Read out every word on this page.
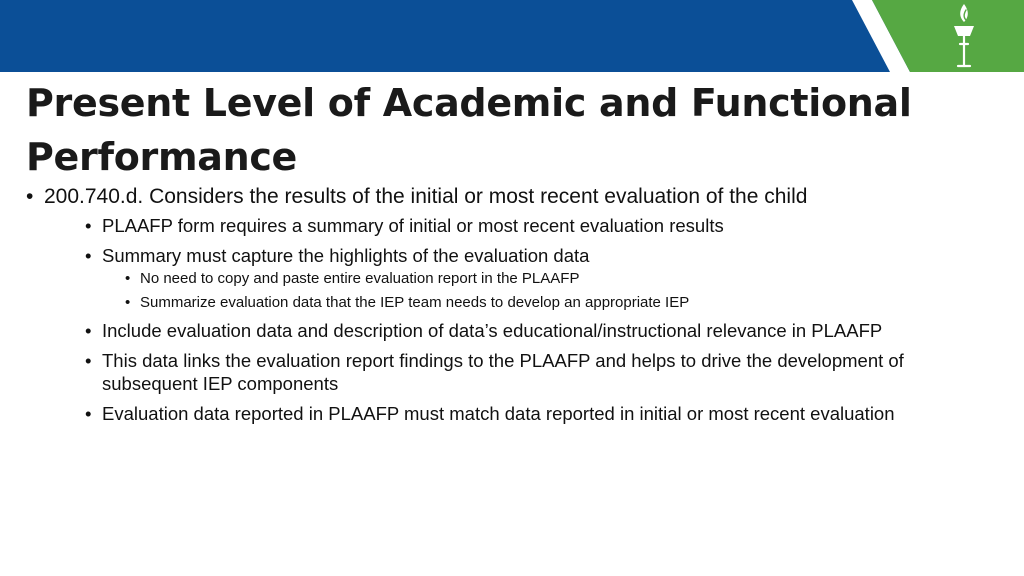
Present Level of Academic and Functional Performance
• 200.740.d. Considers the results of the initial or most recent evaluation of the child
• PLAAFP form requires a summary of initial or most recent evaluation results
• Summary must capture the highlights of the evaluation data
• No need to copy and paste entire evaluation report in the PLAAFP
• Summarize evaluation data that the IEP team needs to develop an appropriate IEP
• Include evaluation data and description of data’s educational/instructional relevance in PLAAFP
• This data links the evaluation report findings to the PLAAFP and helps to drive the development of subsequent IEP components
• Evaluation data reported in PLAAFP must match data reported in initial or most recent evaluation
